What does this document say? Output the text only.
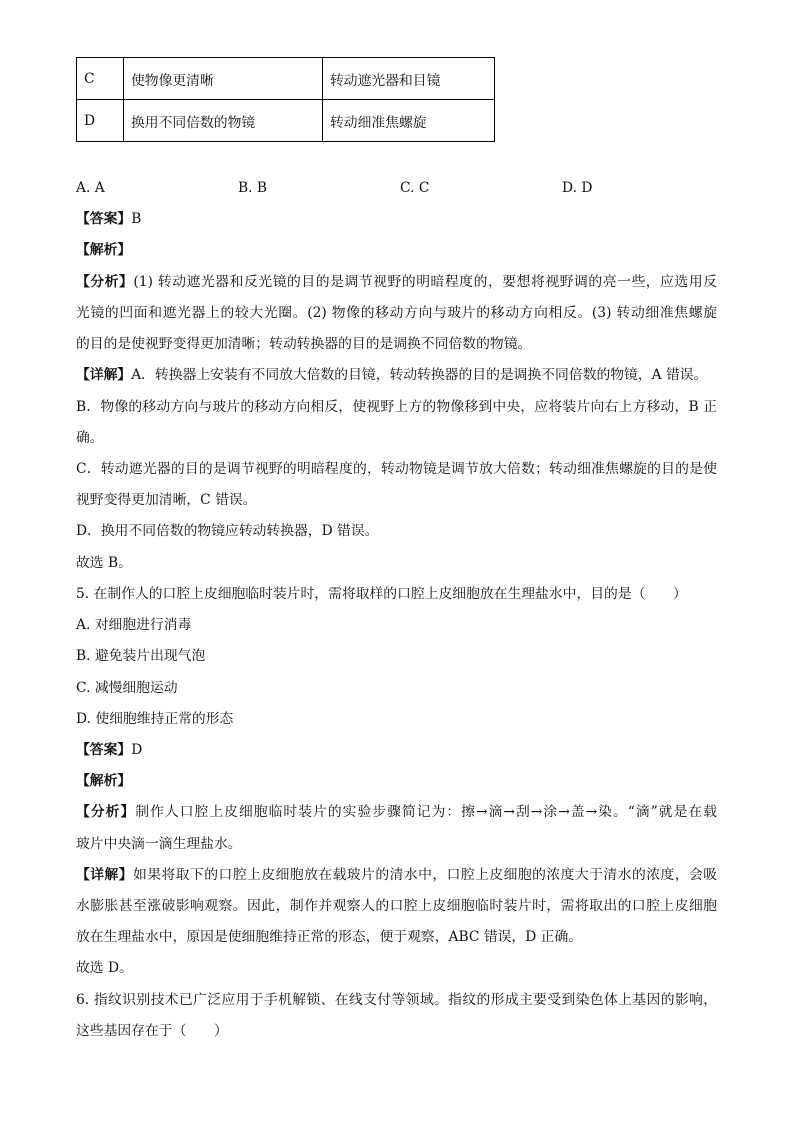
C	使物像更清晰	转动遮光器和目镜
D	换用不同倍数的物镜	转动细准焦螺旋
A. A	B. B	C. C	D. D
【答案】B
【解析】
【分析】(1) 转动遮光器和反光镜的目的是调节视野的明暗程度的，要想将视野调的亮一些，应选用反
光镜的凹面和遮光器上的较大光圈。(2) 物像的移动方向与玻片的移动方向相反。(3) 转动细准焦螺旋
的目的是使视野变得更加清晰；转动转换器的目的是调换不同倍数的物镜。
【详解】A．转换器上安装有不同放大倍数的目镜，转动转换器的目的是调换不同倍数的物镜，A 错误。
B．物像的移动方向与玻片的移动方向相反，使视野上方的物像移到中央，应将装片向右上方移动，B 正
确。
C．转动遮光器的目的是调节视野的明暗程度的，转动物镜是调节放大倍数；转动细准焦螺旋的目的是使
视野变得更加清晰，C 错误。
D．换用不同倍数的物镜应转动转换器，D 错误。
故选 B。
5. 在制作人的口腔上皮细胞临时装片时，需将取样的口腔上皮细胞放在生理盐水中，目的是（　　）
A. 对细胞进行消毒
B. 避免装片出现气泡
C. 减慢细胞运动
D. 使细胞维持正常的形态
【答案】D
【解析】
【分析】制作人口腔上皮细胞临时装片的实验步骤简记为：擦→滴→刮→涂→盖→染。“滴”就是在载
玻片中央滴一滴生理盐水。
【详解】如果将取下的口腔上皮细胞放在载玻片的清水中，口腔上皮细胞的浓度大于清水的浓度，会吸
水膨胀甚至涨破影响观察。因此，制作并观察人的口腔上皮细胞临时装片时，需将取出的口腔上皮细胞
放在生理盐水中，原因是使细胞维持正常的形态，便于观察，ABC 错误，D 正确。
故选 D。
6. 指纹识别技术已广泛应用于手机解锁、在线支付等领域。指纹的形成主要受到染色体上基因的影响，
这些基因存在于（　　）
